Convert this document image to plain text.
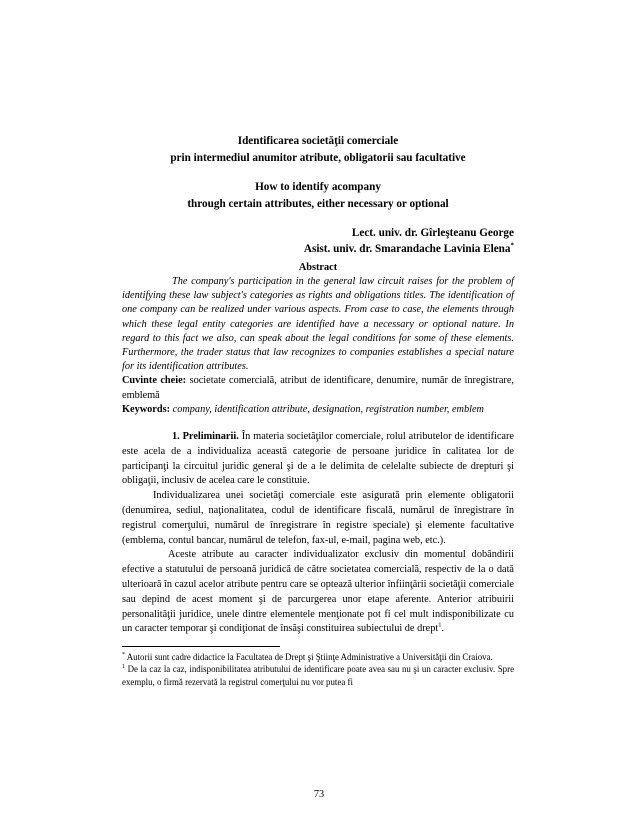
Identificarea societăţii comerciale
prin intermediul anumitor atribute, obligatorii sau facultative
How to identify acompany
through certain attributes, either necessary or optional
Lect. univ. dr. Gîrleşteanu George
Asist. univ. dr. Smarandache Lavinia Elena*
Abstract

The company's participation in the general law circuit raises for the problem of identifying these law subject's categories as rights and obligations titles. The identification of one company can be realized under various aspects. From case to case, the elements through which these legal entity categories are identified have a necessary or optional nature. In regard to this fact we also, can speak about the legal conditions for some of these elements. Furthermore, the trader status that law recognizes to companies establishes a special nature for its identification attributes.

Cuvinte cheie: societate comercială, atribut de identificare, denumire, număr de înregistrare, emblemă

Keywords: company, identification attribute, designation, registration number, emblem

1. Preliminarii. În materia societăţilor comerciale, rolul atributelor de identificare este acela de a individualiza această categorie de persoane juridice în calitatea lor de participanţi la circuitul juridic general şi de a le delimita de celelalte subiecte de drepturi şi obligaţii, inclusiv de acelea care le constituie.

Individualizarea unei societăţi comerciale este asigurată prin elemente obligatorii (denumirea, sediul, naţionalitatea, codul de identificare fiscală, numărul de înregistrare în registrul comerţului, numărul de înregistrare în registre speciale) şi elemente facultative (emblema, contul bancar, numărul de telefon, fax-ul, e-mail, pagina web, etc.).

Aceste atribute au caracter individualizator exclusiv din momentul dobândirii efective a statutului de persoană juridică de către societatea comercială, respectiv de la o dată ulterioară în cazul acelor atribute pentru care se optează ulterior înfiinţării societăţii comerciale sau depind de acest moment şi de parcurgerea unor etape aferente. Anterior atribuirii personalităţii juridice, unele dintre elementele menţionate pot fi cel mult indisponibilizate cu un caracter temporar şi condiţionat de însăşi constituirea subiectului de drept$^1$.

* Autorii sunt cadre didactice la Facultatea de Drept şi Ştiinţe Administrative a Universităţii din Craiova.

$^1$ De la caz la caz, indisponibilitatea atributului de identificare poate avea sau nu şi un caracter exclusiv. Spre exemplu, o firmă rezervată la registrul comerţului nu vor putea fi

73
